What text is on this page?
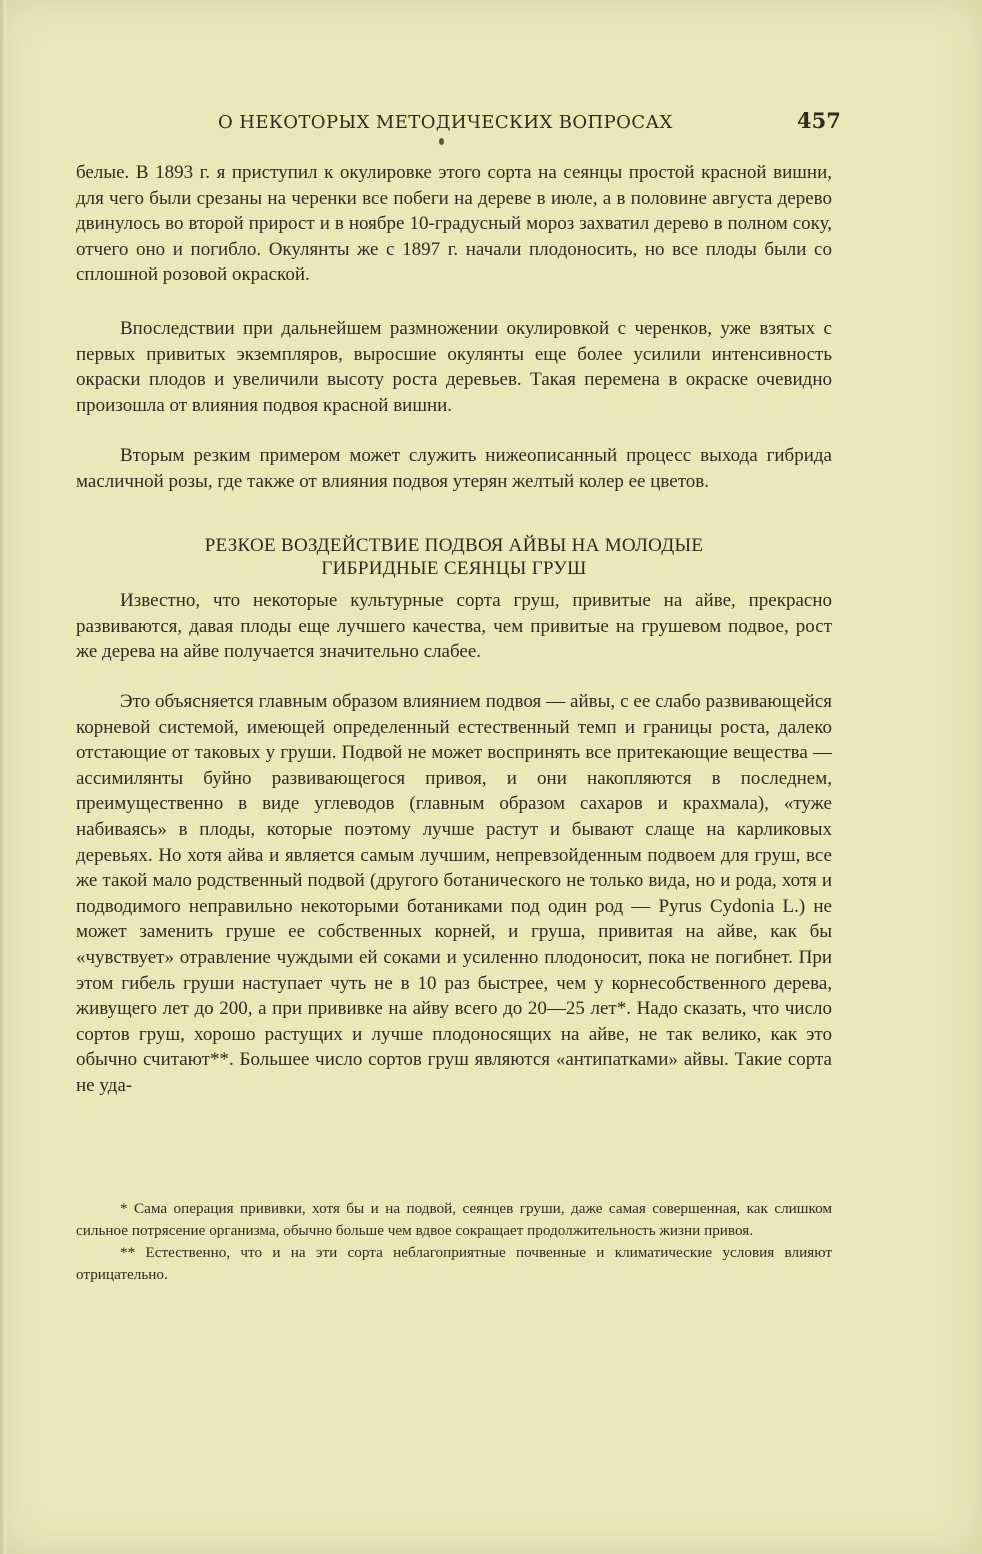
О НЕКОТОРЫХ МЕТОДИЧЕСКИХ ВОПРОСАХ	457

белые. В 1893 г. я приступил к окулировке этого сорта на сеянцы простой красной вишни, для чего были срезаны на черенки все побеги на дереве в июле, а в половине августа дерево двинулось во второй прирост и в ноябре 10-градусный мороз захватил дерево в полном соку, отчего оно и погибло. Окулянты же с 1897 г. начали плодоносить, но все плоды были со сплошной розовой окраской.

Впоследствии при дальнейшем размножении окулировкой с черенков, уже взятых с первых привитых экземпляров, выросшие окулянты еще более усилили интенсивность окраски плодов и увеличили высоту роста деревьев. Такая перемена в окраске очевидно произошла от влияния подвоя красной вишни.

Вторым резким примером может служить нижеописанный процесс выхода гибрида масличной розы, где также от влияния подвоя утерян желтый колер ее цветов.

РЕЗКОЕ ВОЗДЕЙСТВИЕ ПОДВОЯ АЙВЫ НА МОЛОДЫЕ
ГИБРИДНЫЕ СЕЯНЦЫ ГРУШ

Известно, что некоторые культурные сорта груш, привитые на айве, прекрасно развиваются, давая плоды еще лучшего качества, чем привитые на грушевом подвое, рост же дерева на айве получается значительно слабее.

Это объясняется главным образом влиянием подвоя — айвы, с ее слабо развивающейся корневой системой, имеющей определенный естественный темп и границы роста, далеко отстающие от таковых у груши. Подвой не может воспринять все притекающие вещества — ассимилянты буйно развивающегося привоя, и они накопляются в последнем, преимущественно в виде углеводов (главным образом сахаров и крахмала), «туже набиваясь» в плоды, которые поэтому лучше растут и бывают слаще на карликовых деревьях. Но хотя айва и является самым лучшим, непревзойденным подвоем для груш, все же такой мало родственный подвой (другого ботанического не только вида, но и рода, хотя и подводимого неправильно некоторыми ботаниками под один род — Pyrus Cydonia L.) не может заменить груше ее собственных корней, и груша, привитая на айве, как бы «чувствует» отравление чуждыми ей соками и усиленно плодоносит, пока не погибнет. При этом гибель груши наступает чуть не в 10 раз быстрее, чем у корнесобственного дерева, живущего лет до 200, а при прививке на айву всего до 20—25 лет*. Надо сказать, что число сортов груш, хорошо растущих и лучше плодоносящих на айве, не так велико, как это обычно считают**. Большее число сортов груш являются «антипатками» айвы. Такие сорта не уда-

* Сама операция прививки, хотя бы и на подвой, сеянцев груши, даже самая совершенная, как слишком сильное потрясение организма, обычно больше чем вдвое сокращает продолжительность жизни привоя.

** Естественно, что и на эти сорта неблагоприятные почвенные и климатические условия влияют отрицательно.
